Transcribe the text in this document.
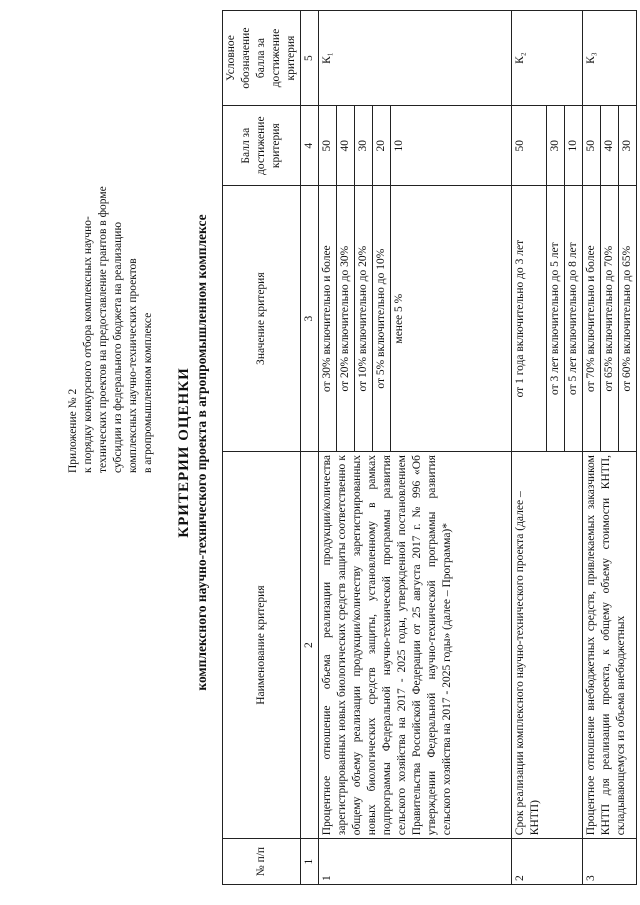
Приложение № 2 к порядку конкурсного отбора комплексных научно- технических проектов на предоставление грантов в форме субсидии из федерального бюджета на реализацию комплексных научно-технических проектов в агропромышленном комплексе КРИТЕРИИ ОЦЕНКИ комплексного научно-технического проекта в агропромышленном комплексе
№ п/п	Наименование критерия	Значение критерия	Балл за достижение критерия	Условное обозначение балла за достижение критерия
1	2	3	4	5
1	Процентное отношение объема реализации продукции/количества зарегистрированных новых биологических средств защиты соответственно к общему объему реализации продукции/количеству зарегистрированных новых биологических средств защиты, установленному в рамках подпрограммы Федеральной научно-технической программы развития сельского хозяйства на 2017 - 2025 годы, утвержденной постановлением Правительства Российской Федерации от 25 августа 2017 г. № 996 «Об утверждении Федеральной научно-технической программы развития сельского хозяйства на 2017 - 2025 годы» (далее – Программа)*	от 30% включительно и более	50	К₁
		от 20% включительно до 30%	40	
		от 10% включительно до 20%	30	
		от 5% включительно до 10%	20	
		менее 5 %	10	
2	Срок реализации комплексного научно-технического проекта (далее – КНТП)	от 1 года включительно до 3 лет	50	К₂
		от 3 лет включительно до 5 лет	30	
		от 5 лет включительно до 8 лет	10	
3	Процентное отношение внебюджетных средств, привлекаемых заказчиком КНТП для реализации проекта, к общему объему стоимости КНТП, складывающемуся из объема внебюджетных	от 70% включительно и более	50	К₃
		от 65% включительно до 70%	40	
		от 60% включительно до 65%	30	
